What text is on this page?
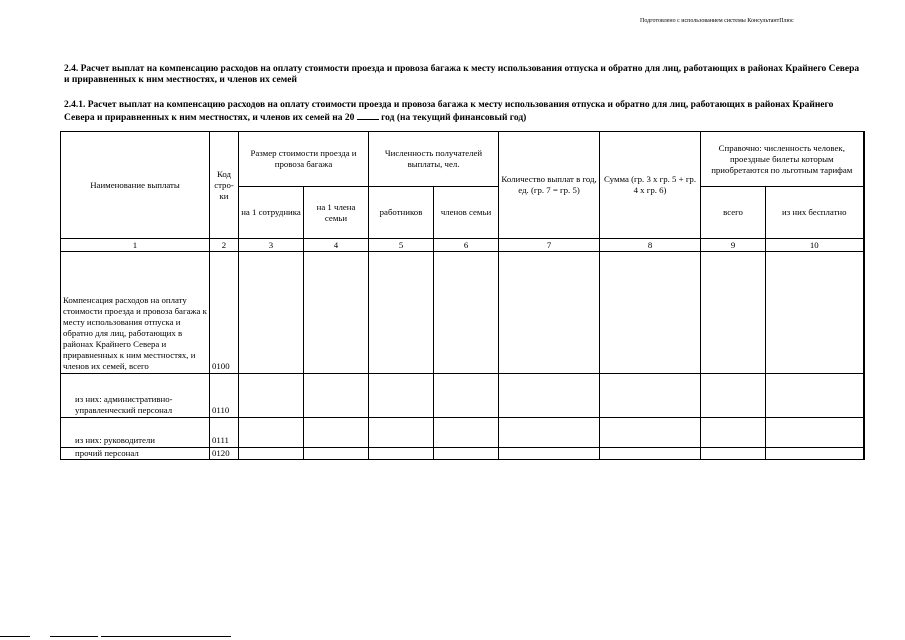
Подготовлено с использованием системы КонсультантПлюс
2.4. Расчет выплат на компенсацию расходов на оплату стоимости проезда и провоза багажа к месту использования отпуска и обратно для лиц, работающих в районах Крайнего Севера и приравненных к ним местностях, и членов их семей
2.4.1. Расчет выплат на компенсацию расходов на оплату стоимости проезда и провоза багажа к месту использования отпуска и обратно для лиц, работающих в районах Крайнего Севера и приравненных к ним местностях, и членов их семей на 20	год (на текущий финансовый год)
Наименование выплаты	Код стро-ки	Размер стоимости проезда и провоза багажа		Численность получателей выплаты, чел.		Количество выплат в год, ед. (гр. 7 = гр. 5)	Сумма (гр. 3 х гр. 5 + гр. 4 х гр. 6)	Справочно: численность человек, проездные билеты которым приобретаются по льготным тарифам	
		на 1 сотрудника	на 1 члена семьи	работников	членов семьи			всего	из них бесплатно
1	2	3	4	5	6	7	8	9	10
Компенсация расходов на оплату стоимости проезда и провоза багажа к месту использования отпуска и обратно для лиц, работающих в районах Крайнего Севера и приравненных к ним местностях, и членов их семей, всего	0100								
из них: административно-управленческий персонал	0110								
из них: руководители	0111								
прочий персонал	0120								
